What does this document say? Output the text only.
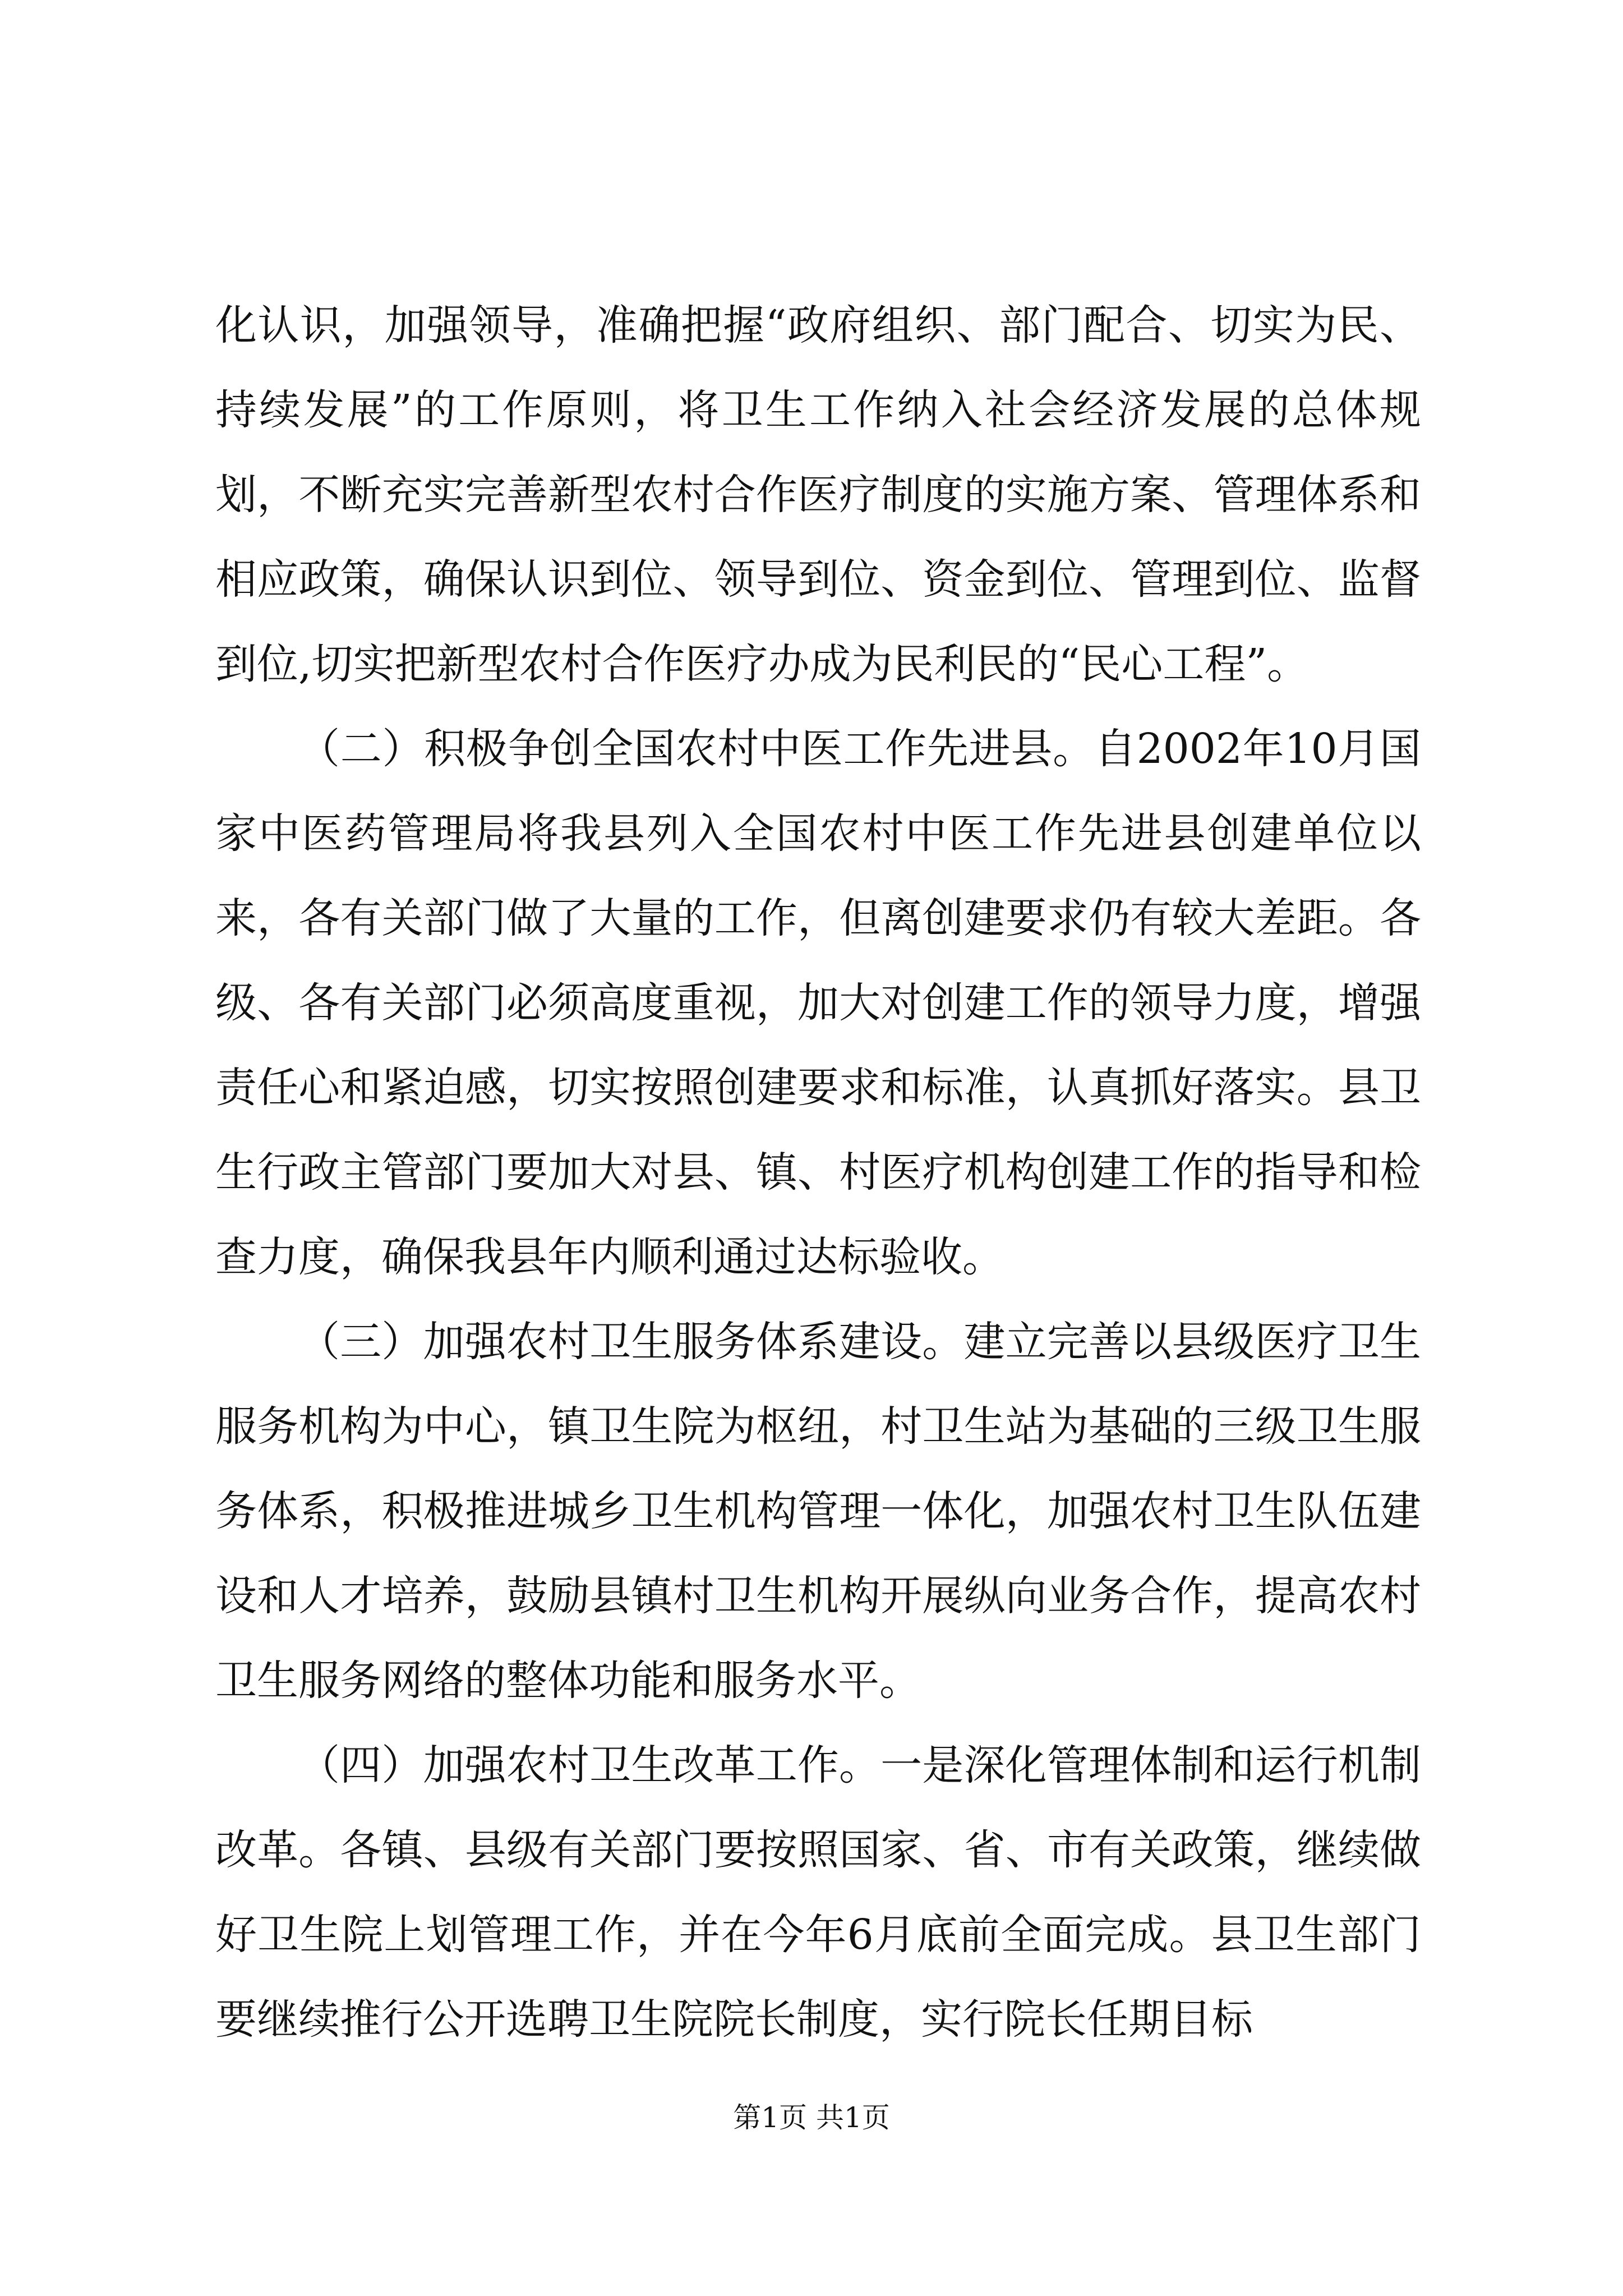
化认识，加强领导，准确把握“政府组织、部门配合、切实为民、持续发展”的工作原则，将卫生工作纳入社会经济发展的总体规划，不断充实完善新型农村合作医疗制度的实施方案、管理体系和相应政策，确保认识到位、领导到位、资金到位、管理到位、监督到位,切实把新型农村合作医疗办成为民利民的“民心工程”。

（二）积极争创全国农村中医工作先进县。自2002年10月国家中医药管理局将我县列入全国农村中医工作先进县创建单位以来，各有关部门做了大量的工作，但离创建要求仍有较大差距。各级、各有关部门必须高度重视，加大对创建工作的领导力度，增强责任心和紧迫感，切实按照创建要求和标准，认真抓好落实。县卫生行政主管部门要加大对县、镇、村医疗机构创建工作的指导和检查力度，确保我县年内顺利通过达标验收。

（三）加强农村卫生服务体系建设。建立完善以县级医疗卫生服务机构为中心，镇卫生院为枢纽，村卫生站为基础的三级卫生服务体系，积极推进城乡卫生机构管理一体化，加强农村卫生队伍建设和人才培养，鼓励县镇村卫生机构开展纵向业务合作，提高农村卫生服务网络的整体功能和服务水平。

（四）加强农村卫生改革工作。一是深化管理体制和运行机制改革。各镇、县级有关部门要按照国家、省、市有关政策，继续做好卫生院上划管理工作，并在今年6月底前全面完成。县卫生部门要继续推行公开选聘卫生院院长制度，实行院长任期目标

第1页 共1页
